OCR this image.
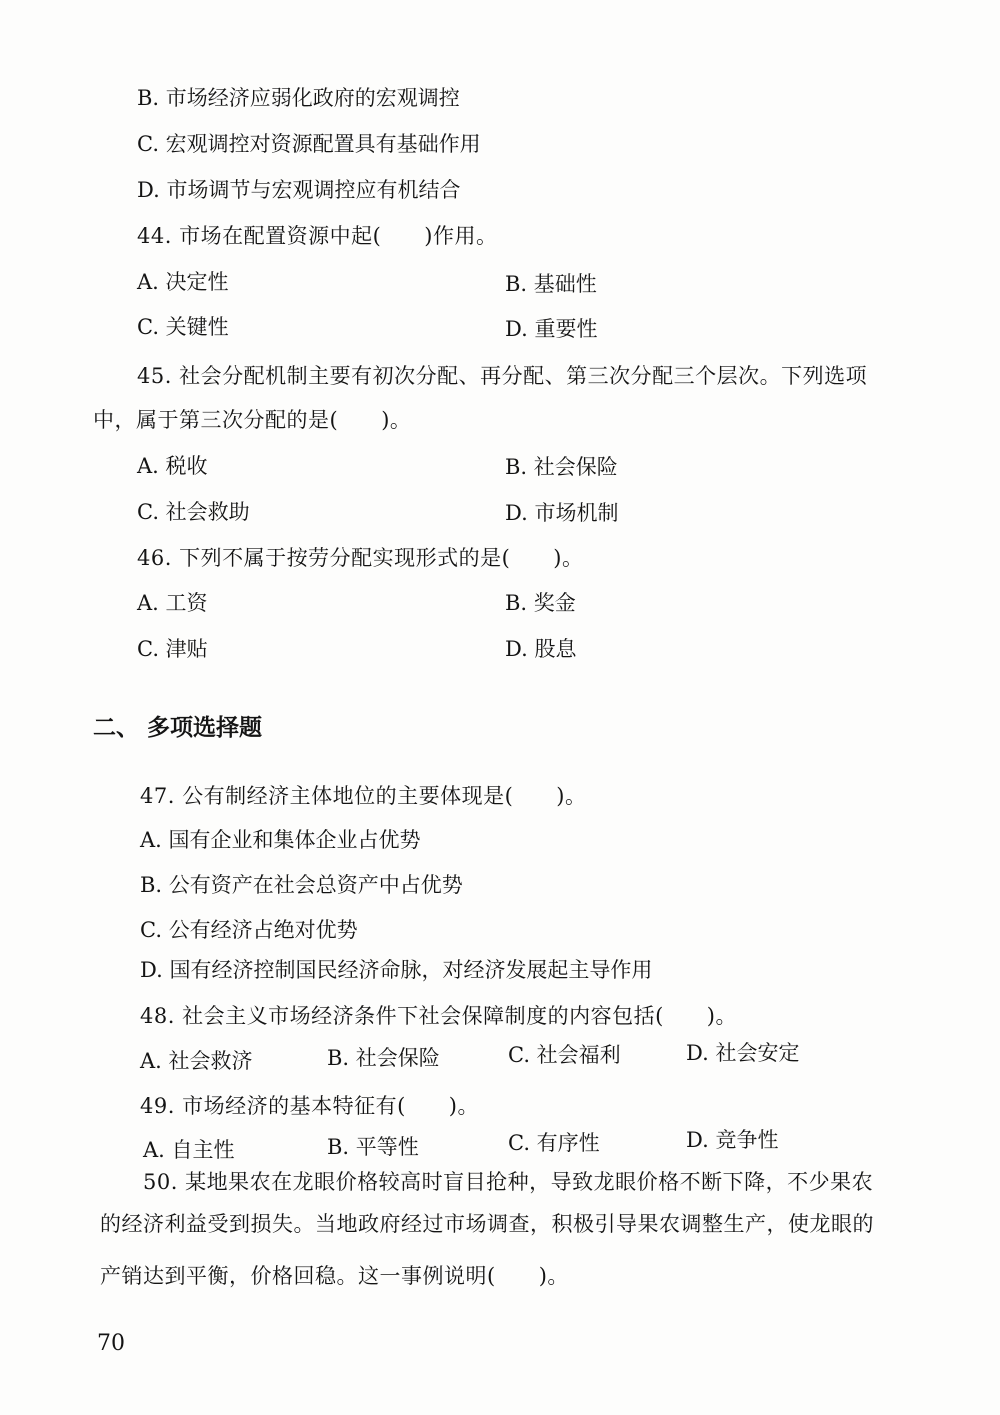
B. 市场经济应弱化政府的宏观调控
C. 宏观调控对资源配置具有基础作用
D. 市场调节与宏观调控应有机结合
44. 市场在配置资源中起(　　)作用。
A. 决定性	B. 基础性
C. 关键性	D. 重要性
45. 社会分配机制主要有初次分配、再分配、第三次分配三个层次。下列选项
中，属于第三次分配的是(　　)。
A. 税收	B. 社会保险
C. 社会救助	D. 市场机制
46. 下列不属于按劳分配实现形式的是(　　)。
A. 工资	B. 奖金
C. 津贴	D. 股息
二、 多项选择题
47. 公有制经济主体地位的主要体现是(　　)。
A. 国有企业和集体企业占优势
B. 公有资产在社会总资产中占优势
C. 公有经济占绝对优势
D. 国有经济控制国民经济命脉，对经济发展起主导作用
48. 社会主义市场经济条件下社会保障制度的内容包括(　　)。
A. 社会救济	B. 社会保险	C. 社会福利	D. 社会安定
49. 市场经济的基本特征有(　　)。
A. 自主性	B. 平等性	C. 有序性	D. 竞争性
50. 某地果农在龙眼价格较高时盲目抢种，导致龙眼价格不断下降，不少果农
的经济利益受到损失。当地政府经过市场调查，积极引导果农调整生产，使龙眼的
产销达到平衡，价格回稳。这一事例说明(　　)。
70
